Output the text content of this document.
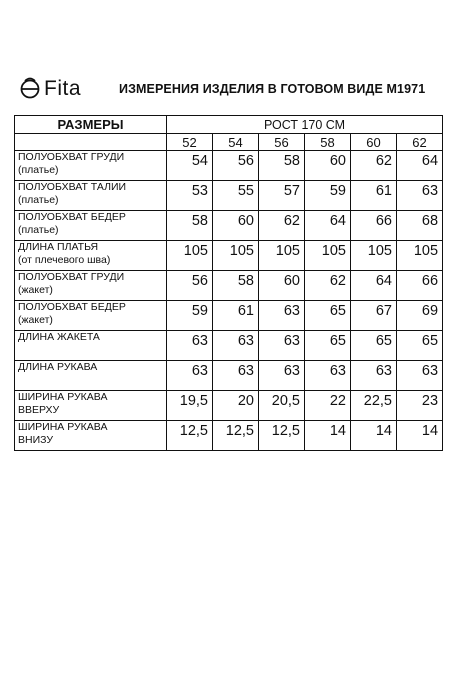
Fita	ИЗМЕРЕНИЯ ИЗДЕЛИЯ В ГОТОВОМ ВИДЕ М1971
РАЗМЕРЫ	РОСТ 170 СМ					
	52	54	56	58	60	62
ПОЛУОБХВАТ ГРУДИ
(платье)	54	56	58	60	62	64
ПОЛУОБХВАТ ТАЛИИ
(платье)	53	55	57	59	61	63
ПОЛУОБХВАТ БЕДЕР
(платье)	58	60	62	64	66	68
ДЛИНА ПЛАТЬЯ
(от плечевого шва)	105	105	105	105	105	105
ПОЛУОБХВАТ ГРУДИ
(жакет)	56	58	60	62	64	66
ПОЛУОБХВАТ БЕДЕР
(жакет)	59	61	63	65	67	69
ДЛИНА ЖАКЕТА	63	63	63	65	65	65
ДЛИНА РУКАВА	63	63	63	63	63	63
ШИРИНА РУКАВА
ВВЕРХУ	19,5	20	20,5	22	22,5	23
ШИРИНА РУКАВА
ВНИЗУ	12,5	12,5	12,5	14	14	14
